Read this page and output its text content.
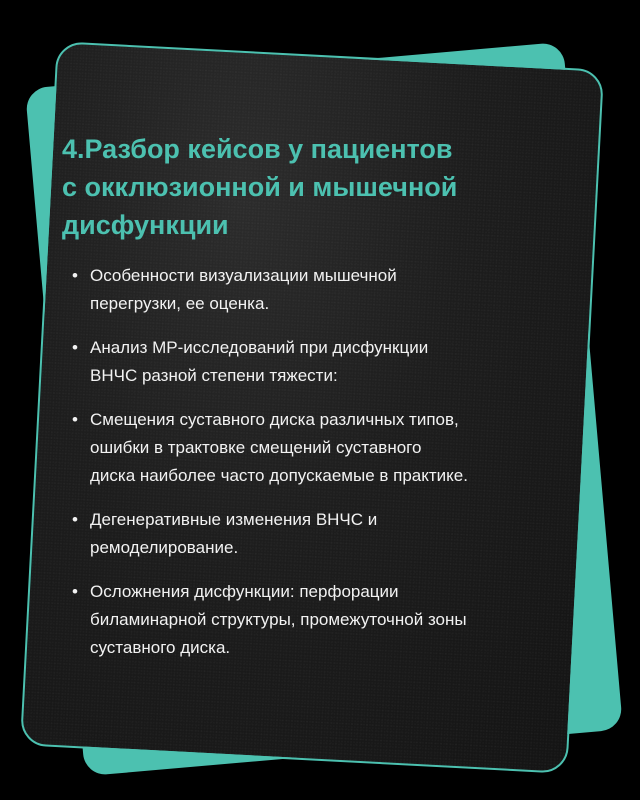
4.Разбор кейсов у пациентов
с окклюзионной и мышечной
дисфункции
• Особенности визуализации мышечной
перегрузки, ее оценка.
• Анализ МР-исследований при дисфункции
ВНЧС разной степени тяжести:
• Смещения суставного диска различных типов,
ошибки в трактовке смещений суставного
диска наиболее часто допускаемые в практике.
• Дегенеративные изменения ВНЧС и
ремоделирование.
• Осложнения дисфункции: перфорации
биламинарной структуры, промежуточной зоны
суставного диска.
